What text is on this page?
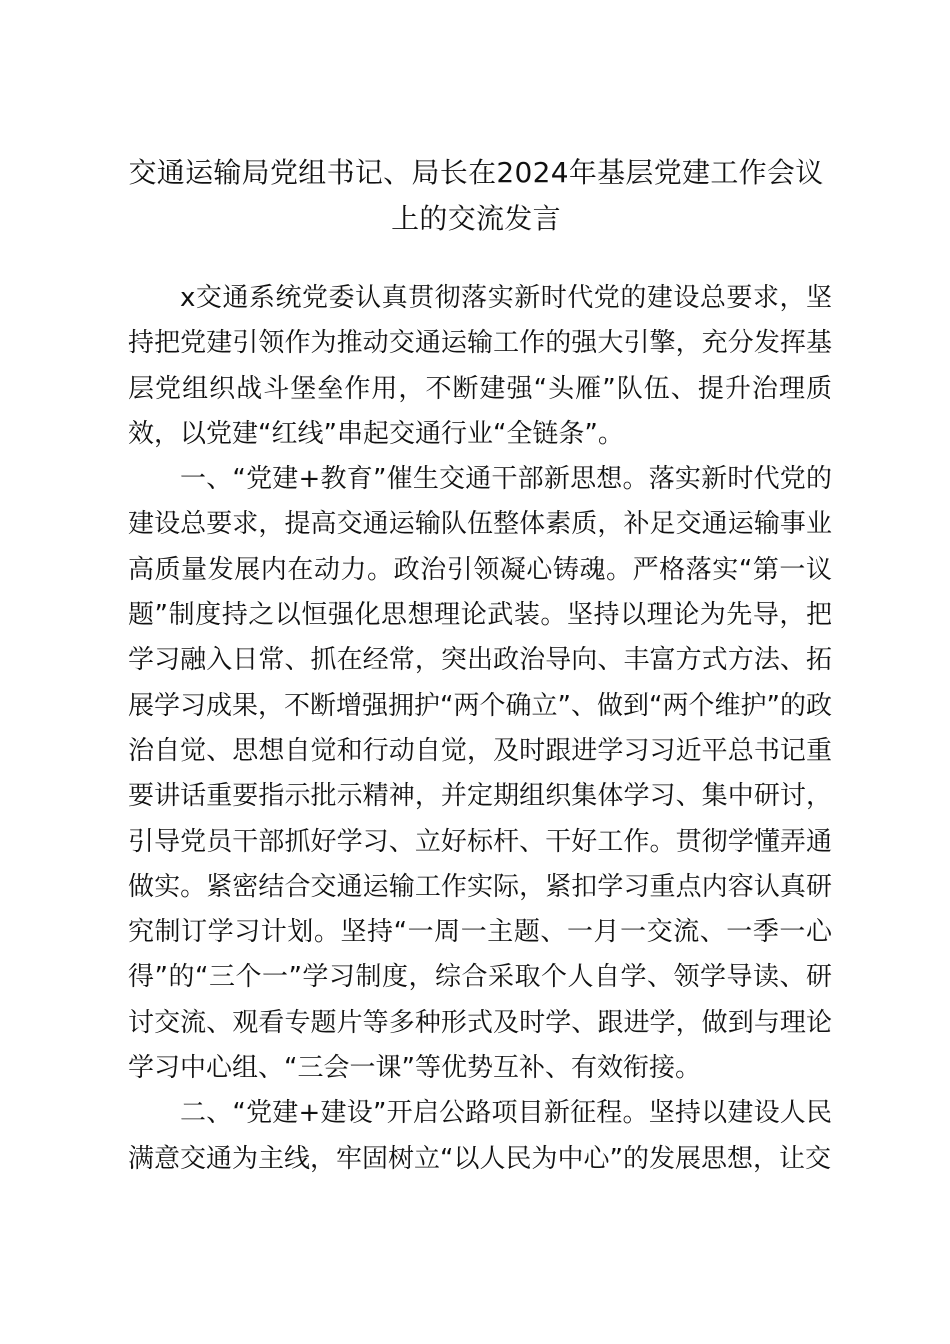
交通运输局党组书记、局长在2024年基层党建工作会议上的交流发言

x交通系统党委认真贯彻落实新时代党的建设总要求，坚持把党建引领作为推动交通运输工作的强大引擎，充分发挥基层党组织战斗堡垒作用，不断建强“头雁”队伍、提升治理质效，以党建“红线”串起交通行业“全链条”。

一、“党建+教育”催生交通干部新思想。落实新时代党的建设总要求，提高交通运输队伍整体素质，补足交通运输事业高质量发展内在动力。政治引领凝心铸魂。严格落实“第一议题”制度持之以恒强化思想理论武装。坚持以理论为先导，把学习融入日常、抓在经常，突出政治导向、丰富方式方法、拓展学习成果，不断增强拥护“两个确立”、做到“两个维护”的政治自觉、思想自觉和行动自觉，及时跟进学习习近平总书记重要讲话重要指示批示精神，并定期组织集体学习、集中研讨，引导党员干部抓好学习、立好标杆、干好工作。贯彻学懂弄通做实。紧密结合交通运输工作实际，紧扣学习重点内容认真研究制订学习计划。坚持“一周一主题、一月一交流、一季一心得”的“三个一”学习制度，综合采取个人自学、领学导读、研讨交流、观看专题片等多种形式及时学、跟进学，做到与理论学习中心组、“三会一课”等优势互补、有效衔接。

二、“党建+建设”开启公路项目新征程。坚持以建设人民满意交通为主线，牢固树立“以人民为中心”的发展思想，让交
